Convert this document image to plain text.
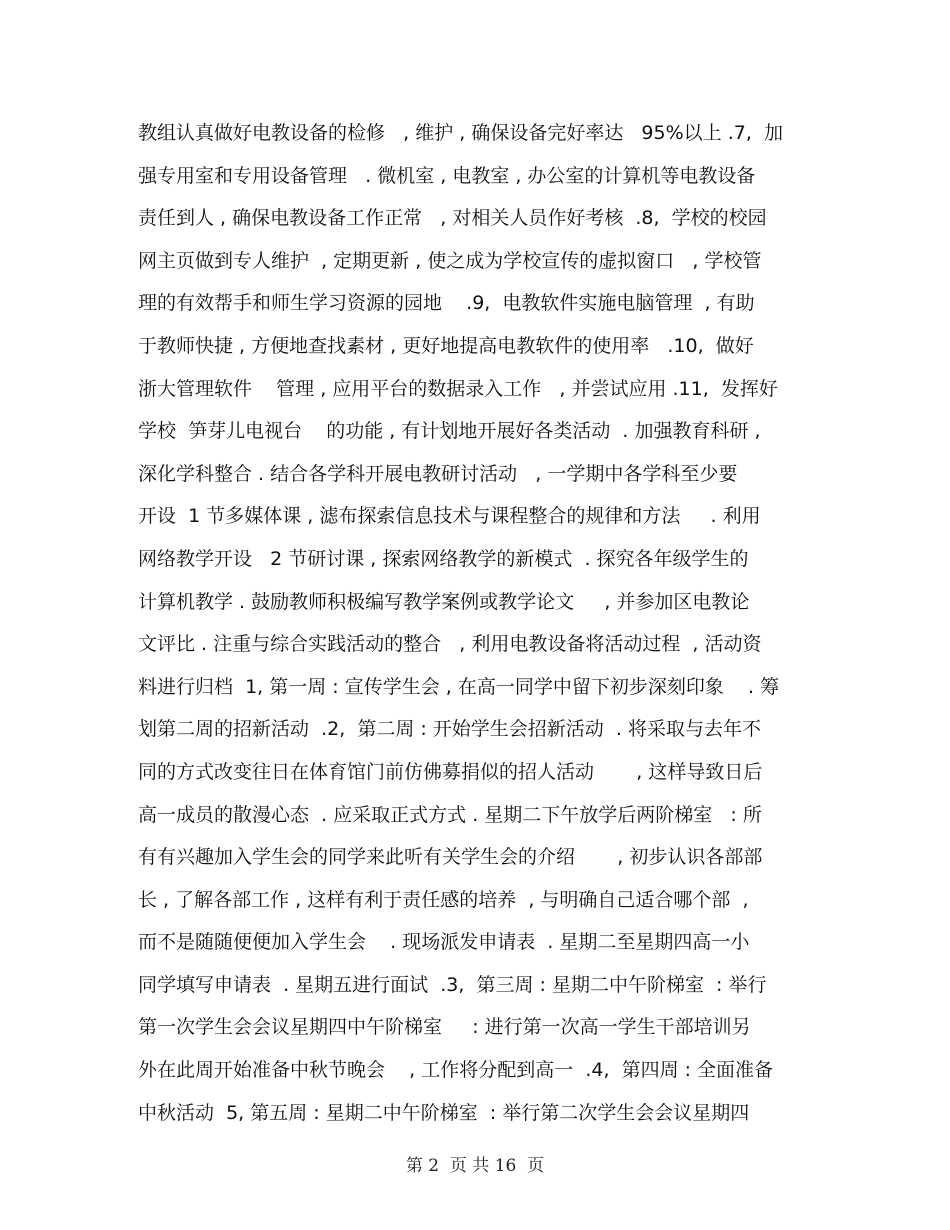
教组认真做好电教设备的检修   , 维护 , 确保设备完好率达   95%以上 .7,  加
强专用室和专用设备管理   . 微机室 , 电教室 , 办公室的计算机等电教设备
责任到人 , 确保电教设备工作正常   , 对相关人员作好考核  .8,  学校的校园
网主页做到专人维护  , 定期更新 , 使之成为学校宣传的虚拟窗口   , 学校管
理的有效帮手和师生学习资源的园地    .9,  电教软件实施电脑管理  , 有助
于教师快捷 , 方便地查找素材 , 更好地提高电教软件的使用率   .10,  做好
浙大管理软件    管理 , 应用平台的数据录入工作   , 并尝试应用 .11,  发挥好
学校  笋芽儿电视台    的功能 , 有计划地开展好各类活动  . 加强教育科研 ,
深化学科整合 . 结合各学科开展电教研讨活动   , 一学期中各学科至少要
开设  1 节多媒体课 , 滤布探索信息技术与课程整合的规律和方法     . 利用
网络教学开设   2 节研讨课 , 探索网络教学的新模式  . 探究各年级学生的
计算机教学 . 鼓励教师积极编写教学案例或教学论文     , 并参加区电教论
文评比 . 注重与综合实践活动的整合   , 利用电教设备将活动过程  , 活动资
料进行归档  1, 第一周 : 宣传学生会 , 在高一同学中留下初步深刻印象    . 筹
划第二周的招新活动  .2,  第二周 : 开始学生会招新活动  . 将采取与去年不
同的方式改变往日在体育馆门前仿佛募捐似的招人活动       , 这样导致日后
高一成员的散漫心态  . 应采取正式方式 . 星期二下午放学后两阶梯室   : 所
有有兴趣加入学生会的同学来此听有关学生会的介绍       , 初步认识各部部
长 , 了解各部工作 , 这样有利于责任感的培养  , 与明确自己适合哪个部  ,
而不是随随便便加入学生会    . 现场派发申请表  . 星期二至星期四高一小
同学填写申请表  . 星期五进行面试  .3,  第三周 : 星期二中午阶梯室  : 举行
第一次学生会会议星期四中午阶梯室     : 进行第一次高一学生干部培训另
外在此周开始准备中秋节晚会    , 工作将分配到高一  .4,  第四周 : 全面准备
中秋活动  5, 第五周 : 星期二中午阶梯室  : 举行第二次学生会会议星期四
第 2  页 共 16  页
